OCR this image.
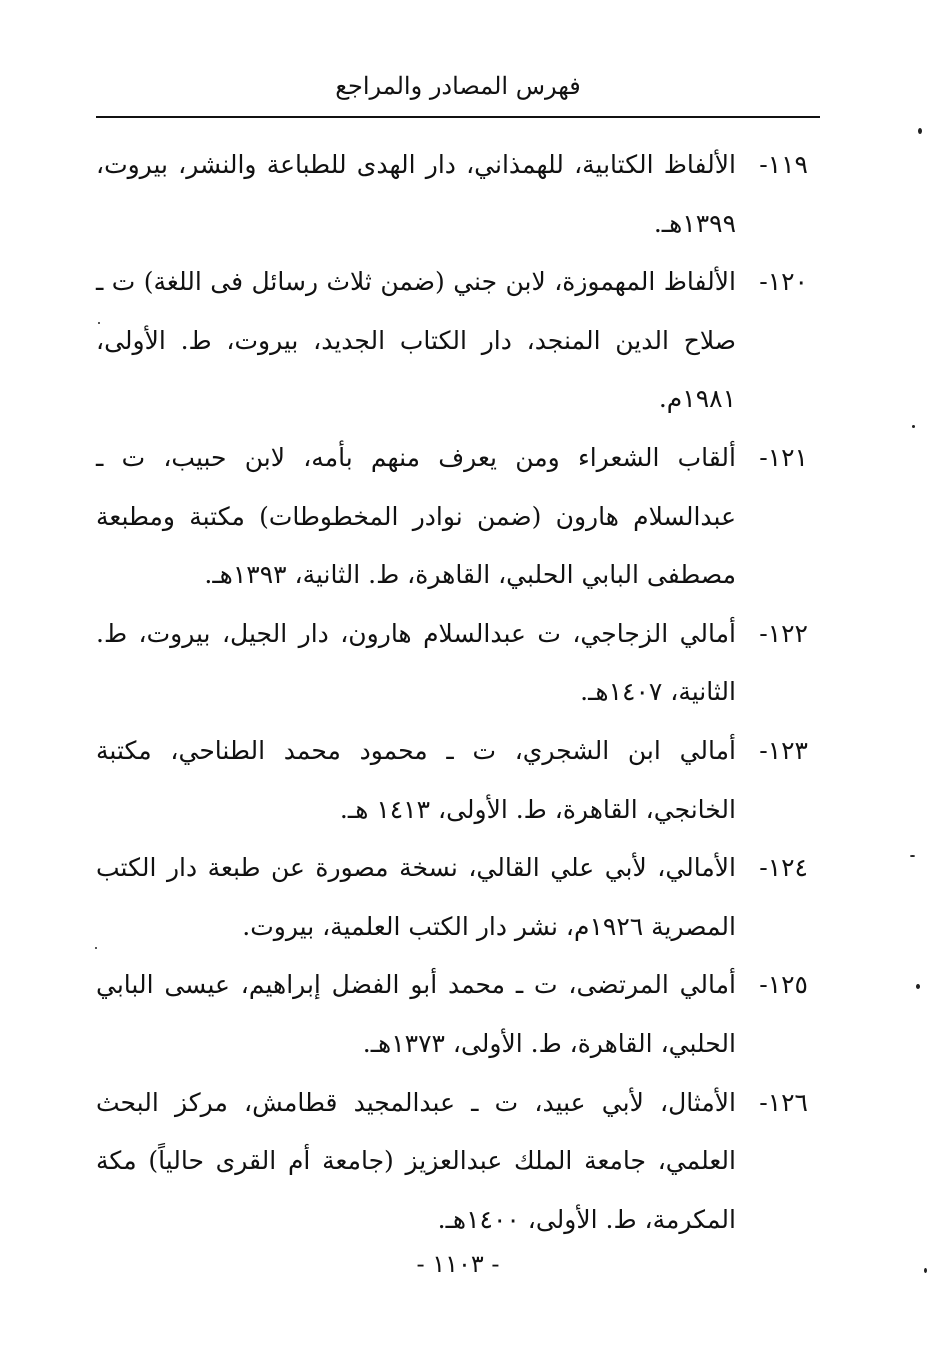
فهرس المصادر والمراجع

١١٩-الألفاظ الكتابية، للهمذاني، دار الهدى للطباعة والنشر، بيروت، ١٣٩٩هـ.

١٢٠-الألفاظ المهموزة، لابن جني (ضمن ثلاث رسائل فى اللغة) ت ـ صلاح الدين المنجد، دار الكتاب الجديد، بيروت، ط. الأولى، ١٩٨١م.

١٢١-ألقاب الشعراء ومن يعرف منهم بأمه، لابن حبيب، ت ـ عبدالسلام هارون (ضمن نوادر المخطوطات) مكتبة ومطبعة مصطفى البابي الحلبي، القاهرة، ط. الثانية، ١٣٩٣هـ.

١٢٢-أمالي الزجاجي، ت عبدالسلام هارون، دار الجيل، بيروت، ط. الثانية، ١٤٠٧هـ.

١٢٣-أمالي ابن الشجري، ت ـ محمود محمد الطناحي، مكتبة الخانجي، القاهرة، ط. الأولى، ١٤١٣ هـ.

١٢٤-الأمالي، لأبي علي القالي، نسخة مصورة عن طبعة دار الكتب المصرية ١٩٢٦م، نشر دار الكتب العلمية، بيروت.

١٢٥-أمالي المرتضى، ت ـ محمد أبو الفضل إبراهيم، عيسى البابي الحلبي، القاهرة، ط. الأولى، ١٣٧٣هـ.

١٢٦-الأمثال، لأبي عبيد، ت ـ عبدالمجيد قطامش، مركز البحث العلمي، جامعة الملك عبدالعزيز (جامعة أم القرى حالياً) مكة المكرمة، ط. الأولى، ١٤٠٠هـ.

- ١١٠٣ -
